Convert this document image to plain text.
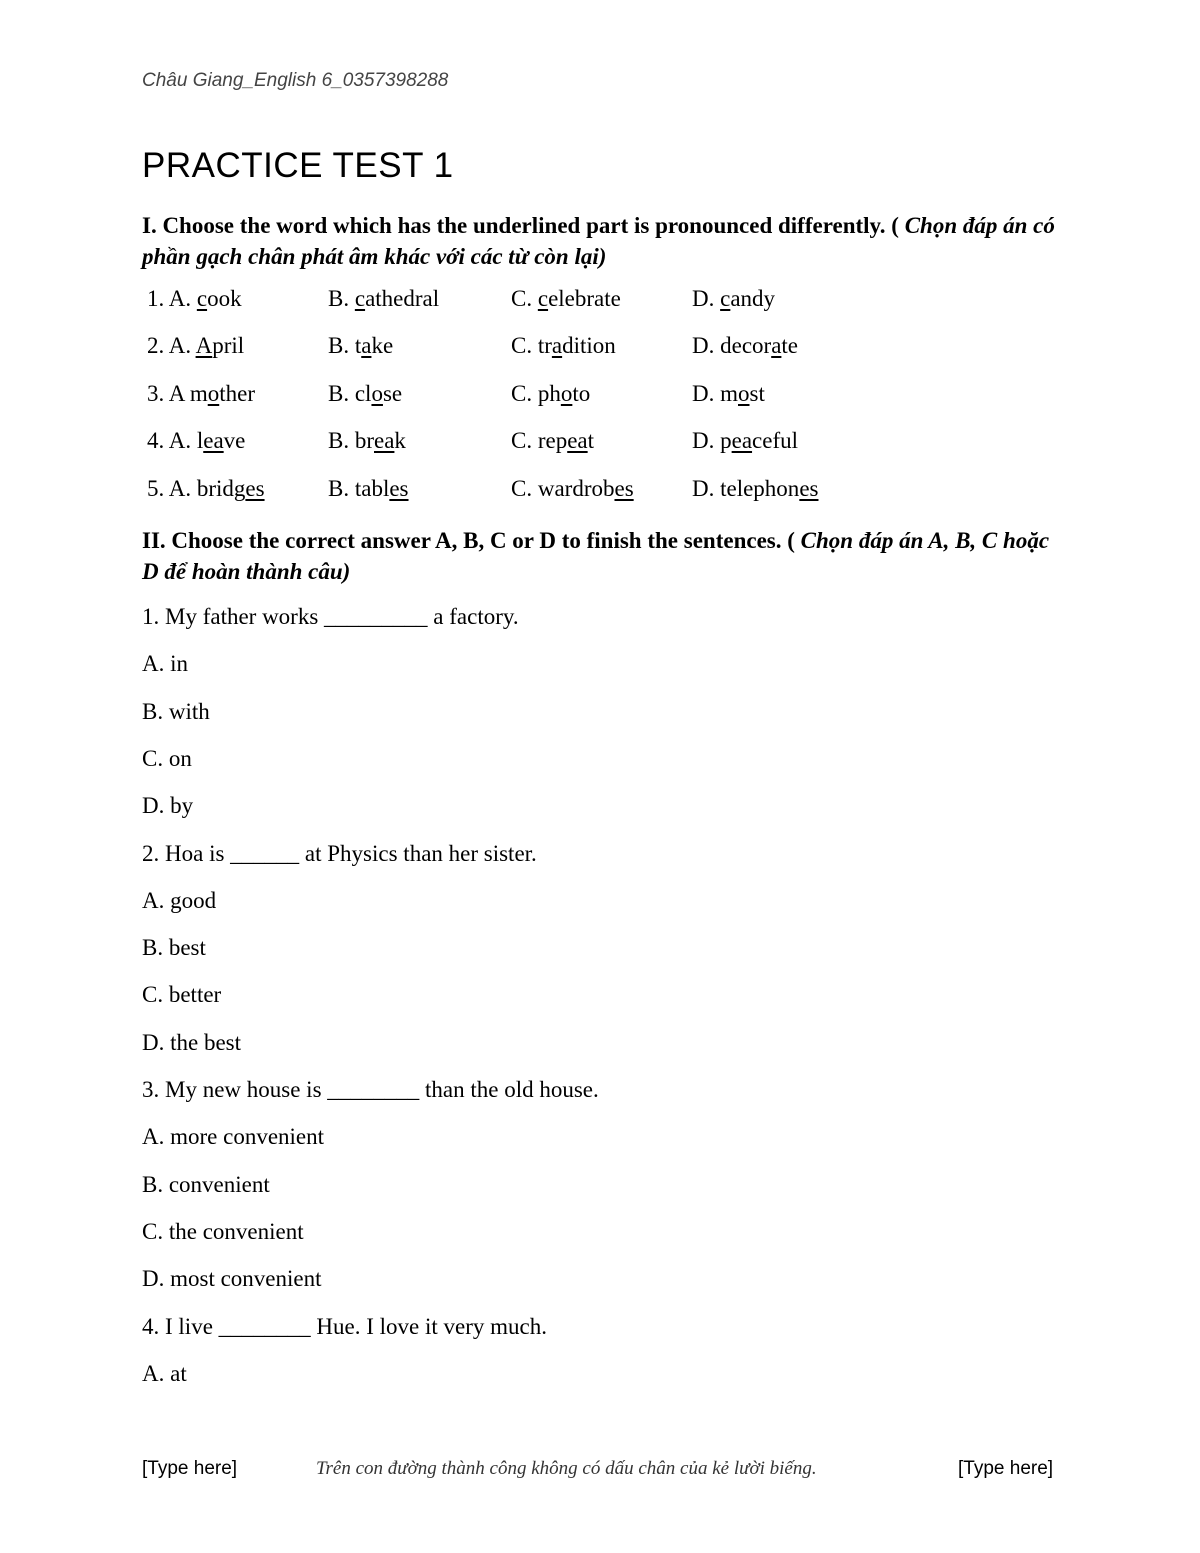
Châu Giang_English 6_0357398288
PRACTICE TEST 1
I. Choose the word which has the underlined part is pronounced differently. ( Chọn đáp án có phần gạch chân phát âm khác với các từ còn lại)
1. A. cook	B. cathedral	C. celebrate	D. candy
2. A. April	B. take	C. tradition	D. decorate
3. A mother	B. close	C. photo	D. most
4. A. leave	B. break	C. repeat	D. peaceful
5. A. bridges	B. tables	C. wardrobes	D. telephones
II. Choose the correct answer A, B, C or D to finish the sentences. ( Chọn đáp án A, B, C hoặc D để hoàn thành câu)
1. My father works _________ a factory.
A. in
B. with
C. on
D. by
2. Hoa is ______ at Physics than her sister.
A. good
B. best
C. better
D. the best
3. My new house is ________ than the old house.
A. more convenient
B. convenient
C. the convenient
D. most convenient
4. I live ________ Hue. I love it very much.
A. at
[Type here]	Trên con đường thành công không có dấu chân của kẻ lười biếng.	[Type here]
